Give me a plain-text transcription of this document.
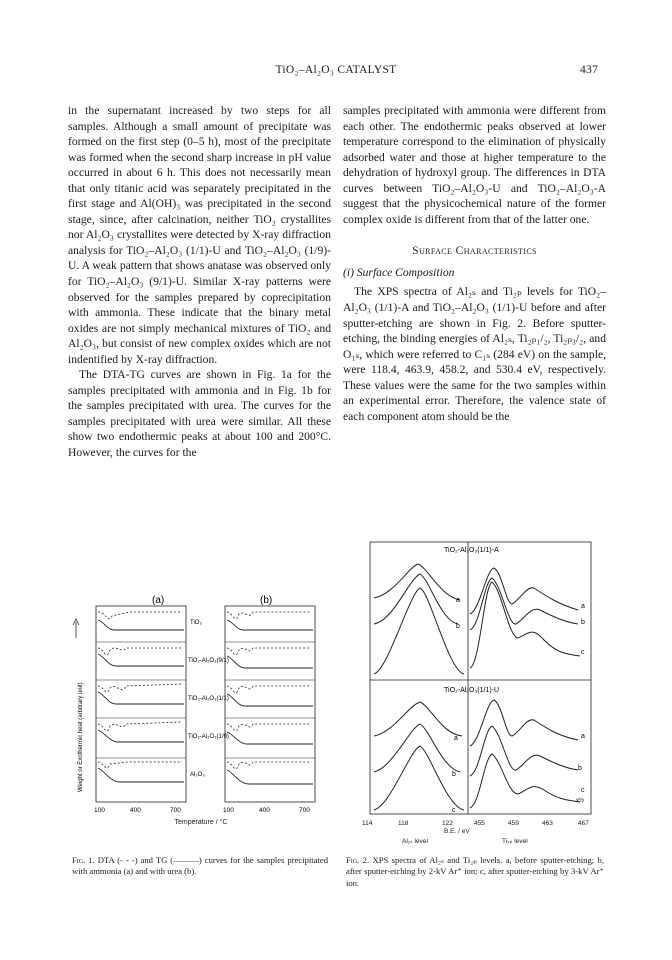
TiO₂–Al₂O₃ CATALYST	437

in the supernatant increased by two steps for all samples. Although a small amount of precipitate was formed on the first step (0–5 h), most of the precipitate was formed when the second sharp increase in pH value occurred in about 6 h. This does not necessarily mean that only titanic acid was separately precipitated in the first stage and Al(OH)₃ was precipitated in the second stage, since, after calcination, neither TiO₂ crystallites nor Al₂O₃ crystallites were detected by X-ray diffraction analysis for TiO₂–Al₂O₃ (1/1)-U and TiO₂–Al₂O₃ (1/9)-U. A weak pattern that shows anatase was observed only for TiO₂–Al₂O₃ (9/1)-U. Similar X-ray patterns were observed for the samples prepared by coprecipitation with ammonia. These indicate that the binary metal oxides are not simply mechanical mixtures of TiO₂ and Al₂O₃, but consist of new complex oxides which are not indentified by X-ray diffraction.

The DTA-TG curves are shown in Fig. 1a for the samples precipitated with ammonia and in Fig. 1b for the samples precipitated with urea. The curves for the samples precipitated with urea were similar. All these show two endothermic peaks at about 100 and 200°C. However, the curves for the

samples precipitated with ammonia were different from each other. The endothermic peaks observed at lower temperature correspond to the elimination of physically adsorbed water and those at higher temperature to the dehydration of hydroxyl group. The differences in DTA curves between TiO₂–Al₂O₃-U and TiO₂–Al₂O₃-A suggest that the physicochemical nature of the former complex oxide is different from that of the latter one.

Surface Characteristics

(i) Surface Composition

The XPS spectra of Al₂ₛ and Ti₂ₚ levels for TiO₂–Al₂O₃ (1/1)-A and TiO₂–Al₂O₃ (1/1)-U before and after sputter-etching are shown in Fig. 2. Before sputter-etching, the binding energies of Al₂ₛ, Ti₂ₚ₁/₂, Ti₂ₚ₃/₂, and O₁ₛ, which were referred to C₁ₛ (284 eV) on the sample, were 118.4, 463.9, 458.2, and 530.4 eV, respectively. These values were the same for the two samples within an experimental error. Therefore, the valence state of each component atom should be the

(a)	(b)
TiO₂
TiO₂-Al₂O₃(9/1)
TiO₂-Al₂O₃(1/1)
TiO₂-Al₂O₃(1/9)
Al₂O₃
Weight or Exothermic heat (arbitrary unit)
100	400	700	100	400	700
Temperature / °C
TiO₂-Al₂O₃(1/1)-A
TiO₂-Al₂O₃(1/1)-U
a
b
a
b
c
a
b
c
a
b
c
x½
114	118	122	455	459	463	467
B.E. / eV
Al₂ₛ level	Ti₂ₚ level
Fig. 1. DTA (- - -) and TG (———) curves for the samples precipitated with ammonia (a) and with urea (b).
Fig. 2. XPS spectra of Al₂ₛ and Ti₂ₚ levels. a, before sputter-etching; b, after sputter-etching by 2-kV Ar⁺ ion; c, after sputter-etching by 3-kV Ar⁺ ion.
